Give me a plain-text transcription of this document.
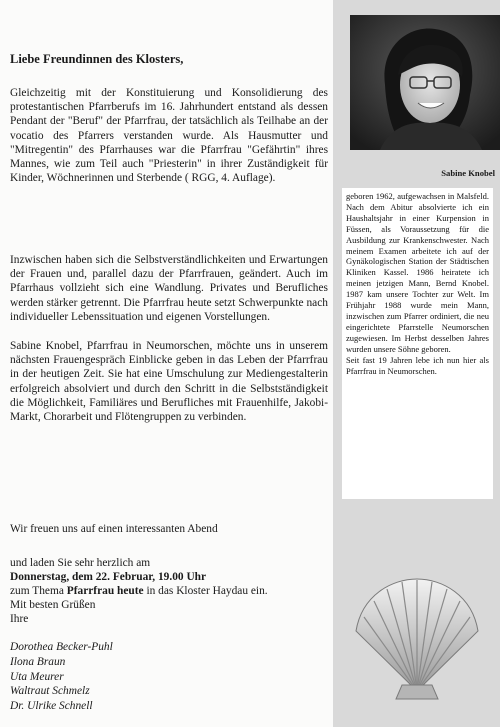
Liebe Freundinnen des Klosters,

Gleichzeitig mit der Konstituierung und Konsolidierung des protestantischen Pfarrberufs im 16. Jahrhundert entstand als dessen Pendant der "Beruf" der Pfarrfrau, der tatsächlich als Teilhabe an der vocatio des Pfarrers verstanden wurde. Als Hausmutter und "Mitregentin" des Pfarrhauses war die Pfarrfrau "Gefährtin" ihres Mannes, wie zum Teil auch "Priesterin" in ihrer Zuständigkeit für Kinder, Wöchnerinnen und Sterbende ( RGG, 4. Auflage).

Inzwischen haben sich die Selbstverständlichkeiten und Erwartungen der Frauen und, parallel dazu der Pfarrfrauen, geändert. Auch im Pfarrhaus vollzieht sich eine Wandlung. Privates und Berufliches werden stärker getrennt. Die Pfarrfrau heute setzt Schwerpunkte nach individueller Lebenssituation und eigenen Vorstellungen.

Sabine Knobel, Pfarrfrau in Neumorschen, möchte uns in unserem nächsten Frauengespräch Einblicke geben in das Leben der Pfarrfrau in der heutigen Zeit. Sie hat eine Umschulung zur Mediengestalterin erfolgreich absolviert und durch den Schritt in die Selbstständigkeit die Möglichkeit, Familiäres und Berufliches mit Frauenhilfe, Jakobi-Markt, Chorarbeit und Flötengruppen zu verbinden.

Wir freuen uns auf einen interessanten Abend

und laden Sie sehr herzlich am
Donnerstag, dem 22. Februar, 19.00 Uhr
zum Thema Pfarrfrau heute in das Kloster Haydau ein.
Mit besten Grüßen
Ihre
Dorothea Becker-Puhl
Ilona Braun
Uta Meurer
Waltraut Schmelz
Dr. Ulrike Schnell
Sabine Knobel

geboren 1962, aufgewachsen in Malsfeld. Nach dem Abitur absolvierte ich ein Haushaltsjahr in einer Kurpension in Füssen, als Voraussetzung für die Ausbildung zur Krankenschwester. Nach meinem Examen arbeitete ich auf der Gynäkologischen Station der Städtischen Kliniken Kassel. 1986 heiratete ich meinen jetzigen Mann, Bernd Knobel. 1987 kam unsere Tochter zur Welt. Im Frühjahr 1988 wurde mein Mann, inzwischen zum Pfarrer ordiniert, die neu eingerichtete Pfarrstelle Neumorschen zugewiesen. Im Herbst desselben Jahres wurden unsere Söhne geboren.

Seit fast 19 Jahren lebe ich nun hier als Pfarrfrau in Neumorschen.
